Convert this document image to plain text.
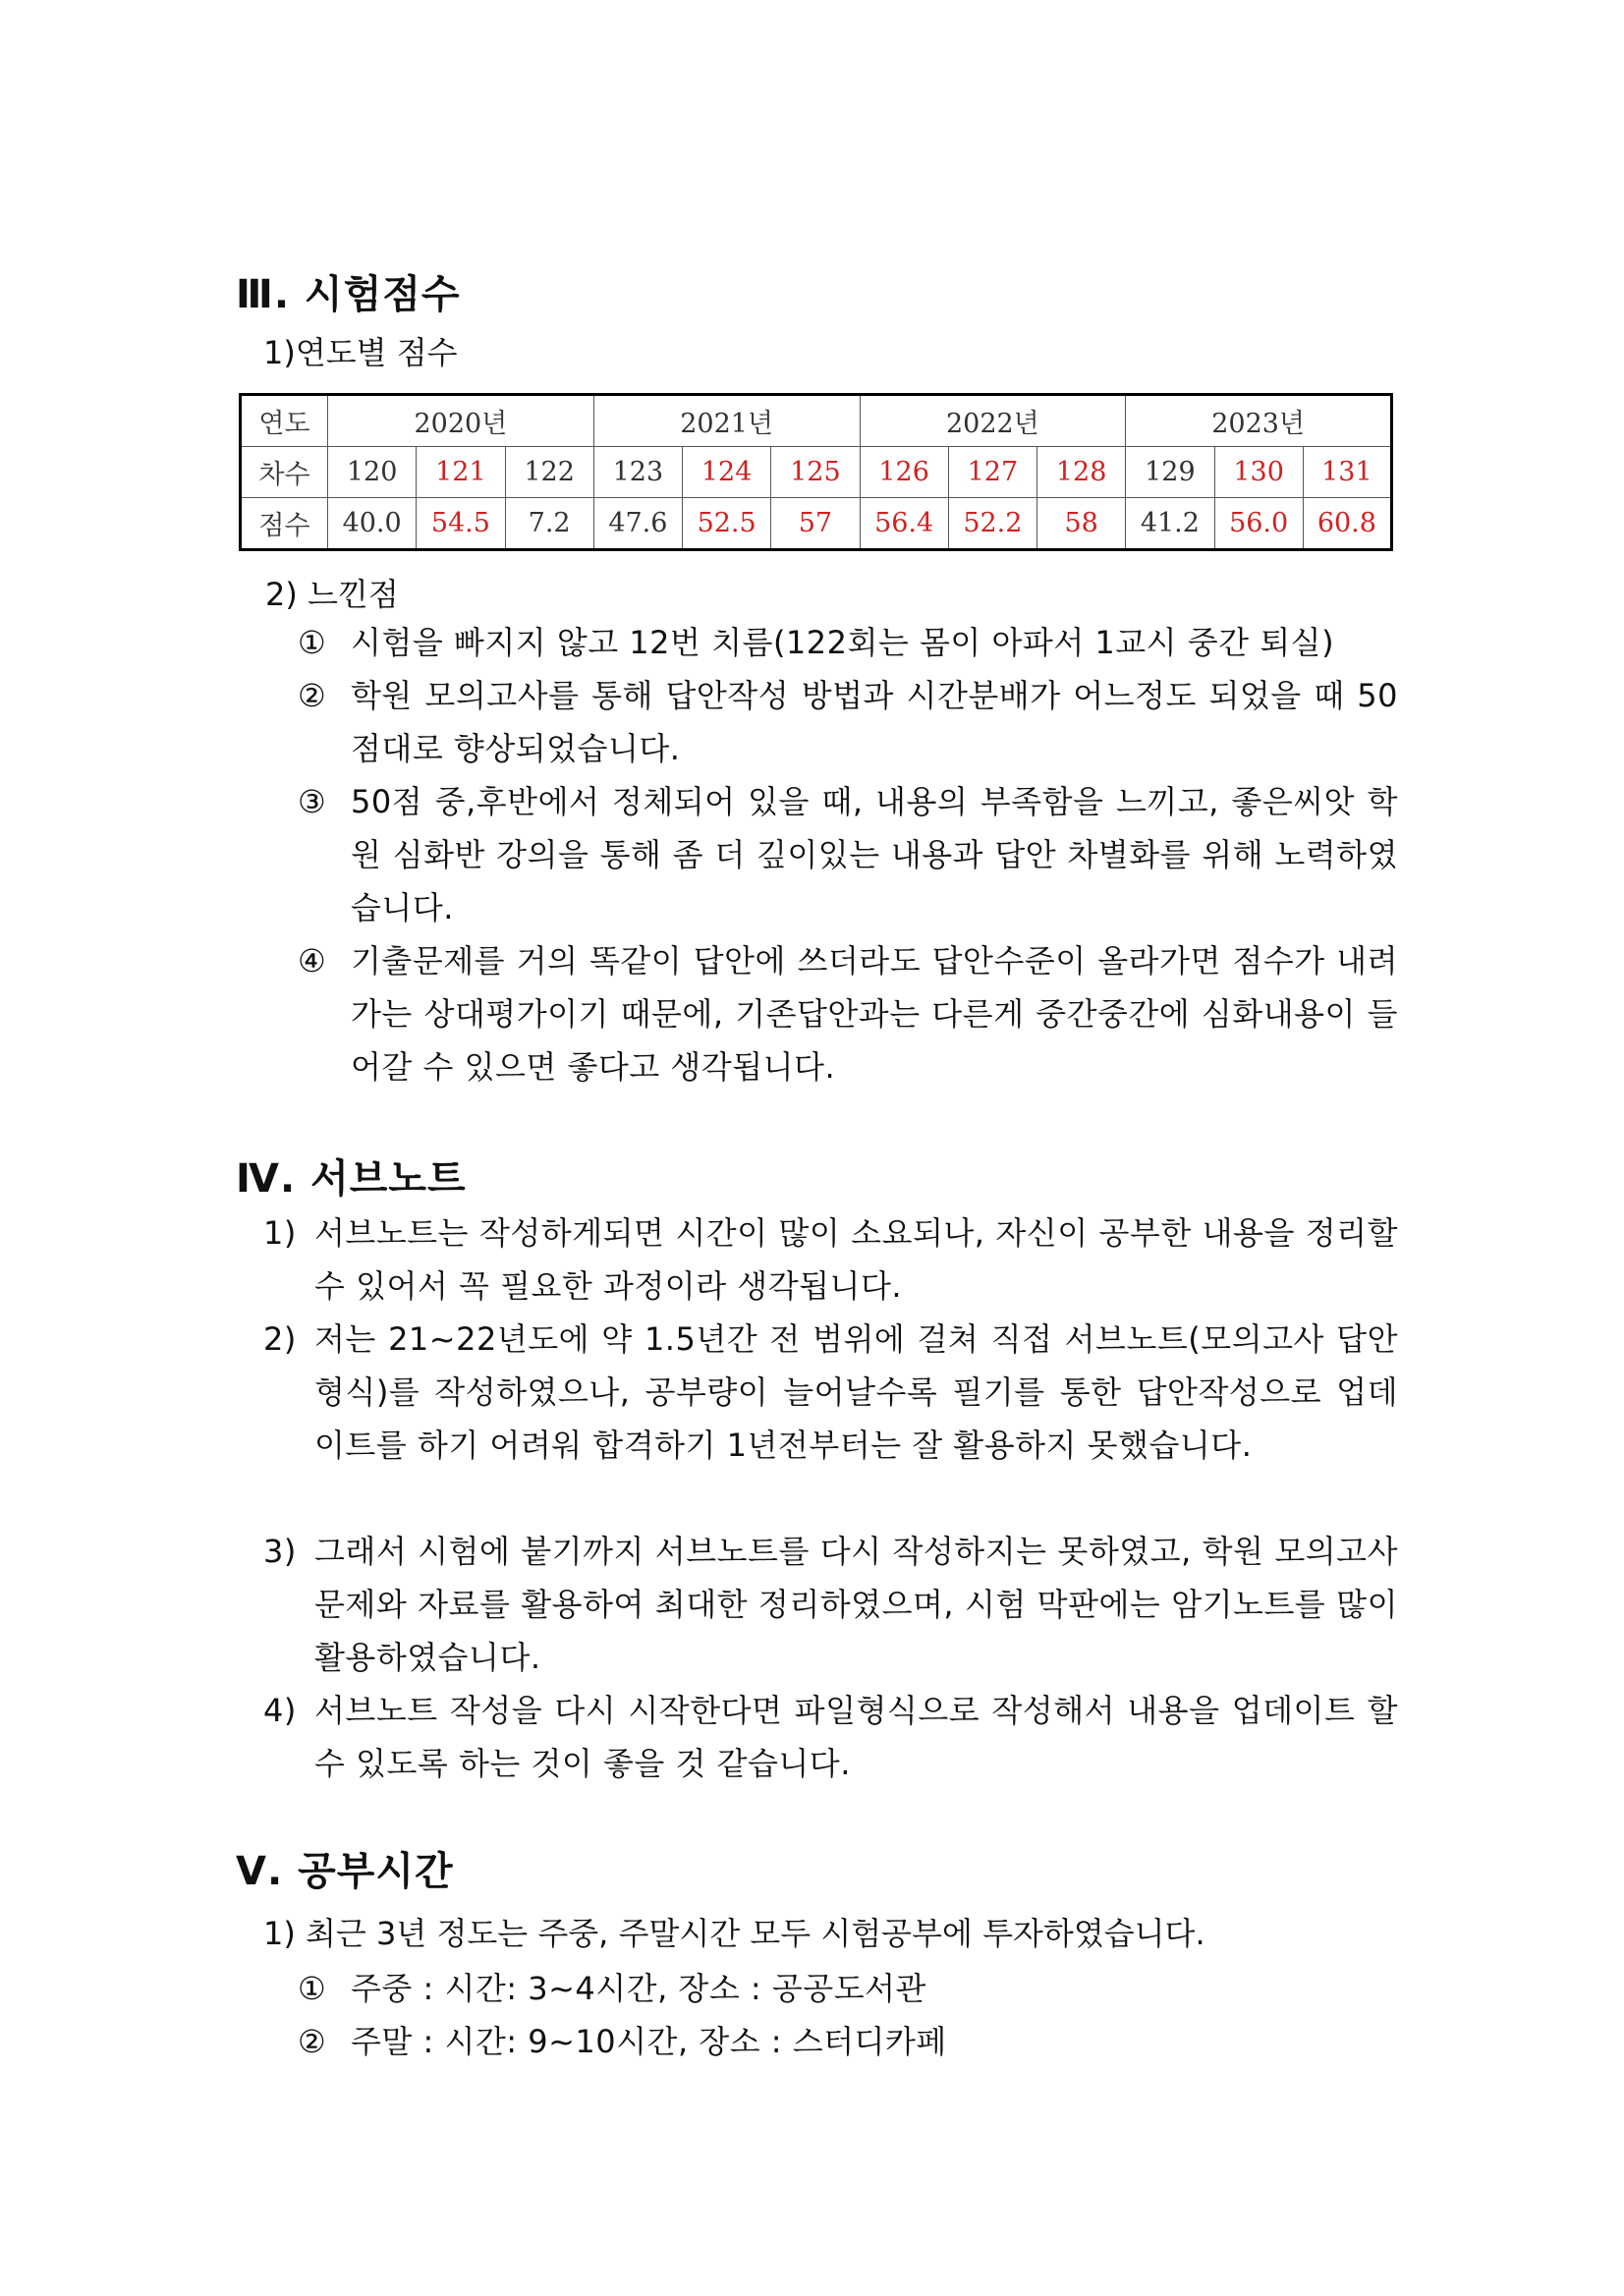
Ⅲ. 시험점수

1)연도별 점수

연도	2020년			2021년			2022년			2023년		
차수	120	121	122	123	124	125	126	127	128	129	130	131
점수	40.0	54.5	7.2	47.6	52.5	57	56.4	52.2	58	41.2	56.0	60.8

2) 느낀점

① 시험을 빠지지 않고 12번 치름(122회는 몸이 아파서 1교시 중간 퇴실)
② 학원 모의고사를 통해 답안작성 방법과 시간분배가 어느정도 되었을 때 50점대로 향상되었습니다.
③ 50점 중,후반에서 정체되어 있을 때, 내용의 부족함을 느끼고, 좋은씨앗 학원 심화반 강의을 통해 좀 더 깊이있는 내용과 답안 차별화를 위해 노력하였습니다.
④ 기출문제를 거의 똑같이 답안에 쓰더라도 답안수준이 올라가면 점수가 내려가는 상대평가이기 때문에, 기존답안과는 다른게 중간중간에 심화내용이 들어갈 수 있으면 좋다고 생각됩니다.
Ⅳ. 서브노트
1) 서브노트는 작성하게되면 시간이 많이 소요되나, 자신이 공부한 내용을 정리할 수 있어서 꼭 필요한 과정이라 생각됩니다.
2) 저는 21~22년도에 약 1.5년간 전 범위에 걸쳐 직접 서브노트(모의고사 답안형식)를 작성하였으나, 공부량이 늘어날수록 필기를 통한 답안작성으로 업데이트를 하기 어려워 합격하기 1년전부터는 잘 활용하지 못했습니다.
3) 그래서 시험에 붙기까지 서브노트를 다시 작성하지는 못하였고, 학원 모의고사 문제와 자료를 활용하여 최대한 정리하였으며, 시험 막판에는 암기노트를 많이 활용하였습니다.
4) 서브노트 작성을 다시 시작한다면 파일형식으로 작성해서 내용을 업데이트 할 수 있도록 하는 것이 좋을 것 같습니다.
Ⅴ. 공부시간

1) 최근 3년 정도는 주중, 주말시간 모두 시험공부에 투자하였습니다.

① 주중 : 시간: 3~4시간, 장소 : 공공도서관
② 주말 : 시간: 9~10시간, 장소 : 스터디카페
